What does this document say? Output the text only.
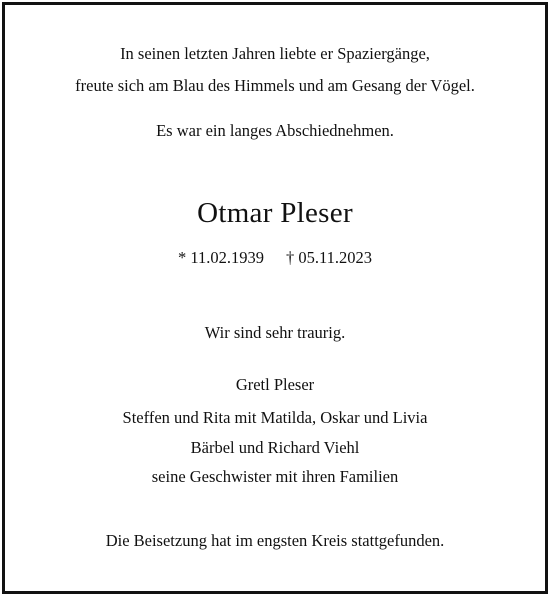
In seinen letzten Jahren liebte er Spaziergänge,
freute sich am Blau des Himmels und am Gesang der Vögel.
Es war ein langes Abschiednehmen.
Otmar Pleser
* 11.02.1939 † 05.11.2023
Wir sind sehr traurig.
Gretl Pleser
Steffen und Rita mit Matilda, Oskar und Livia
Bärbel und Richard Viehl
seine Geschwister mit ihren Familien
Die Beisetzung hat im engsten Kreis stattgefunden.
